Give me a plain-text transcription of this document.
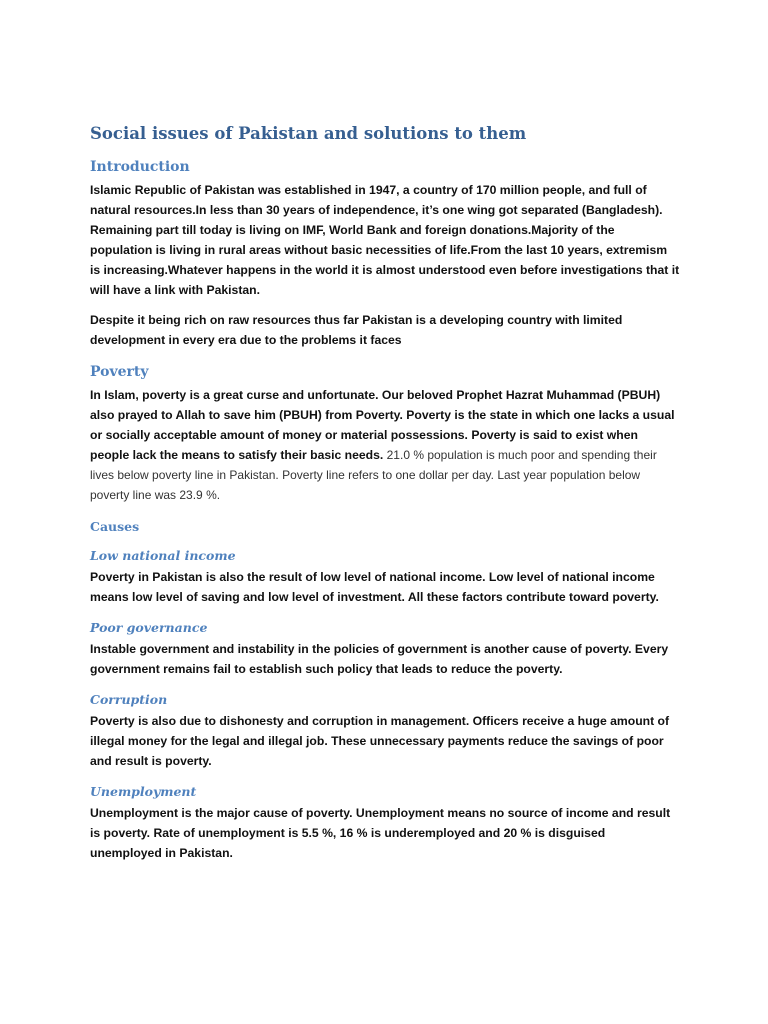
Social issues of Pakistan and solutions to them
Introduction

Islamic Republic of Pakistan was established in 1947, a country of 170 million people, and full of natural resources.In less than 30 years of independence, it’s one wing got separated (Bangladesh). Remaining part till today is living on IMF, World Bank and foreign donations.Majority of the population is living in rural areas without basic necessities of life.From the last 10 years, extremism is increasing.Whatever happens in the world it is almost understood even before investigations that it will have a link with Pakistan.

Despite it being rich on raw resources thus far Pakistan is a developing country with limited development in every era due to the problems it faces

Poverty

In Islam, poverty is a great curse and unfortunate. Our beloved Prophet Hazrat Muhammad (PBUH) also prayed to Allah to save him (PBUH) from Poverty. Poverty is the state in which one lacks a usual or socially acceptable amount of money or material possessions. Poverty is said to exist when people lack the means to satisfy their basic needs. 21.0 % population is much poor and spending their lives below poverty line in Pakistan. Poverty line refers to one dollar per day. Last year population below poverty line was 23.9 %.

Causes
Low national income

Poverty in Pakistan is also the result of low level of national income. Low level of national income means low level of saving and low level of investment. All these factors contribute toward poverty.

Poor governance

Instable government and instability in the policies of government is another cause of poverty. Every government remains fail to establish such policy that leads to reduce the poverty.

Corruption

Poverty is also due to dishonesty and corruption in management. Officers receive a huge amount of illegal money for the legal and illegal job. These unnecessary payments reduce the savings of poor and result is poverty.

Unemployment

Unemployment is the major cause of poverty. Unemployment means no source of income and result is poverty. Rate of unemployment is 5.5 %, 16 % is underemployed and 20 % is disguised unemployed in Pakistan.
